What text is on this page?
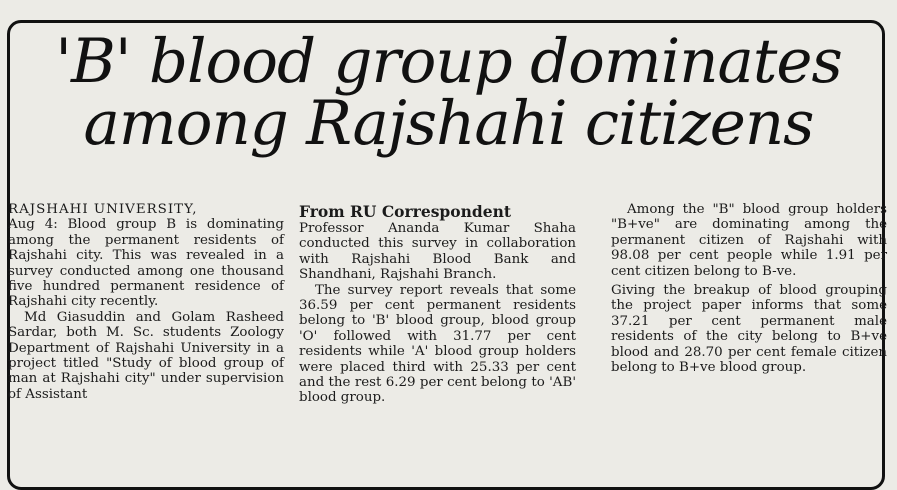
'B' blood group dominates
among Rajshahi citizens

RAJSHAHI UNIVERSITY,

Aug 4: Blood group B is dominating among the permanent residents of Rajshahi city. This was revealed in a survey conducted among one thousand five hundred permanent residence of Rajshahi city recently.

Md Giasuddin and Golam Rasheed Sardar, both M. Sc. students Zoology Department of Rajshahi University in a project titled "Study of blood group of man at Rajshahi city" under supervision of Assistant

From RU Correspondent

Professor Ananda Kumar Shaha conducted this survey in collaboration with Rajshahi Blood Bank and Shandhani, Rajshahi Branch.

The survey report reveals that some 36.59 per cent permanent residents belong to 'B' blood group, blood group 'O' followed with 31.77 per cent residents while 'A' blood group holders were placed third with 25.33 per cent and the rest 6.29 per cent belong to 'AB' blood group.

Among the "B" blood group holders "B+ve" are dominating among the permanent citizen of Rajshahi with 98.08 per cent people while 1.91 per cent citizen belong to B-ve.

Giving the breakup of blood grouping the project paper informs that some 37.21 per cent permanent male residents of the city belong to B+ve blood and 28.70 per cent female citizen belong to B+ve blood group.
